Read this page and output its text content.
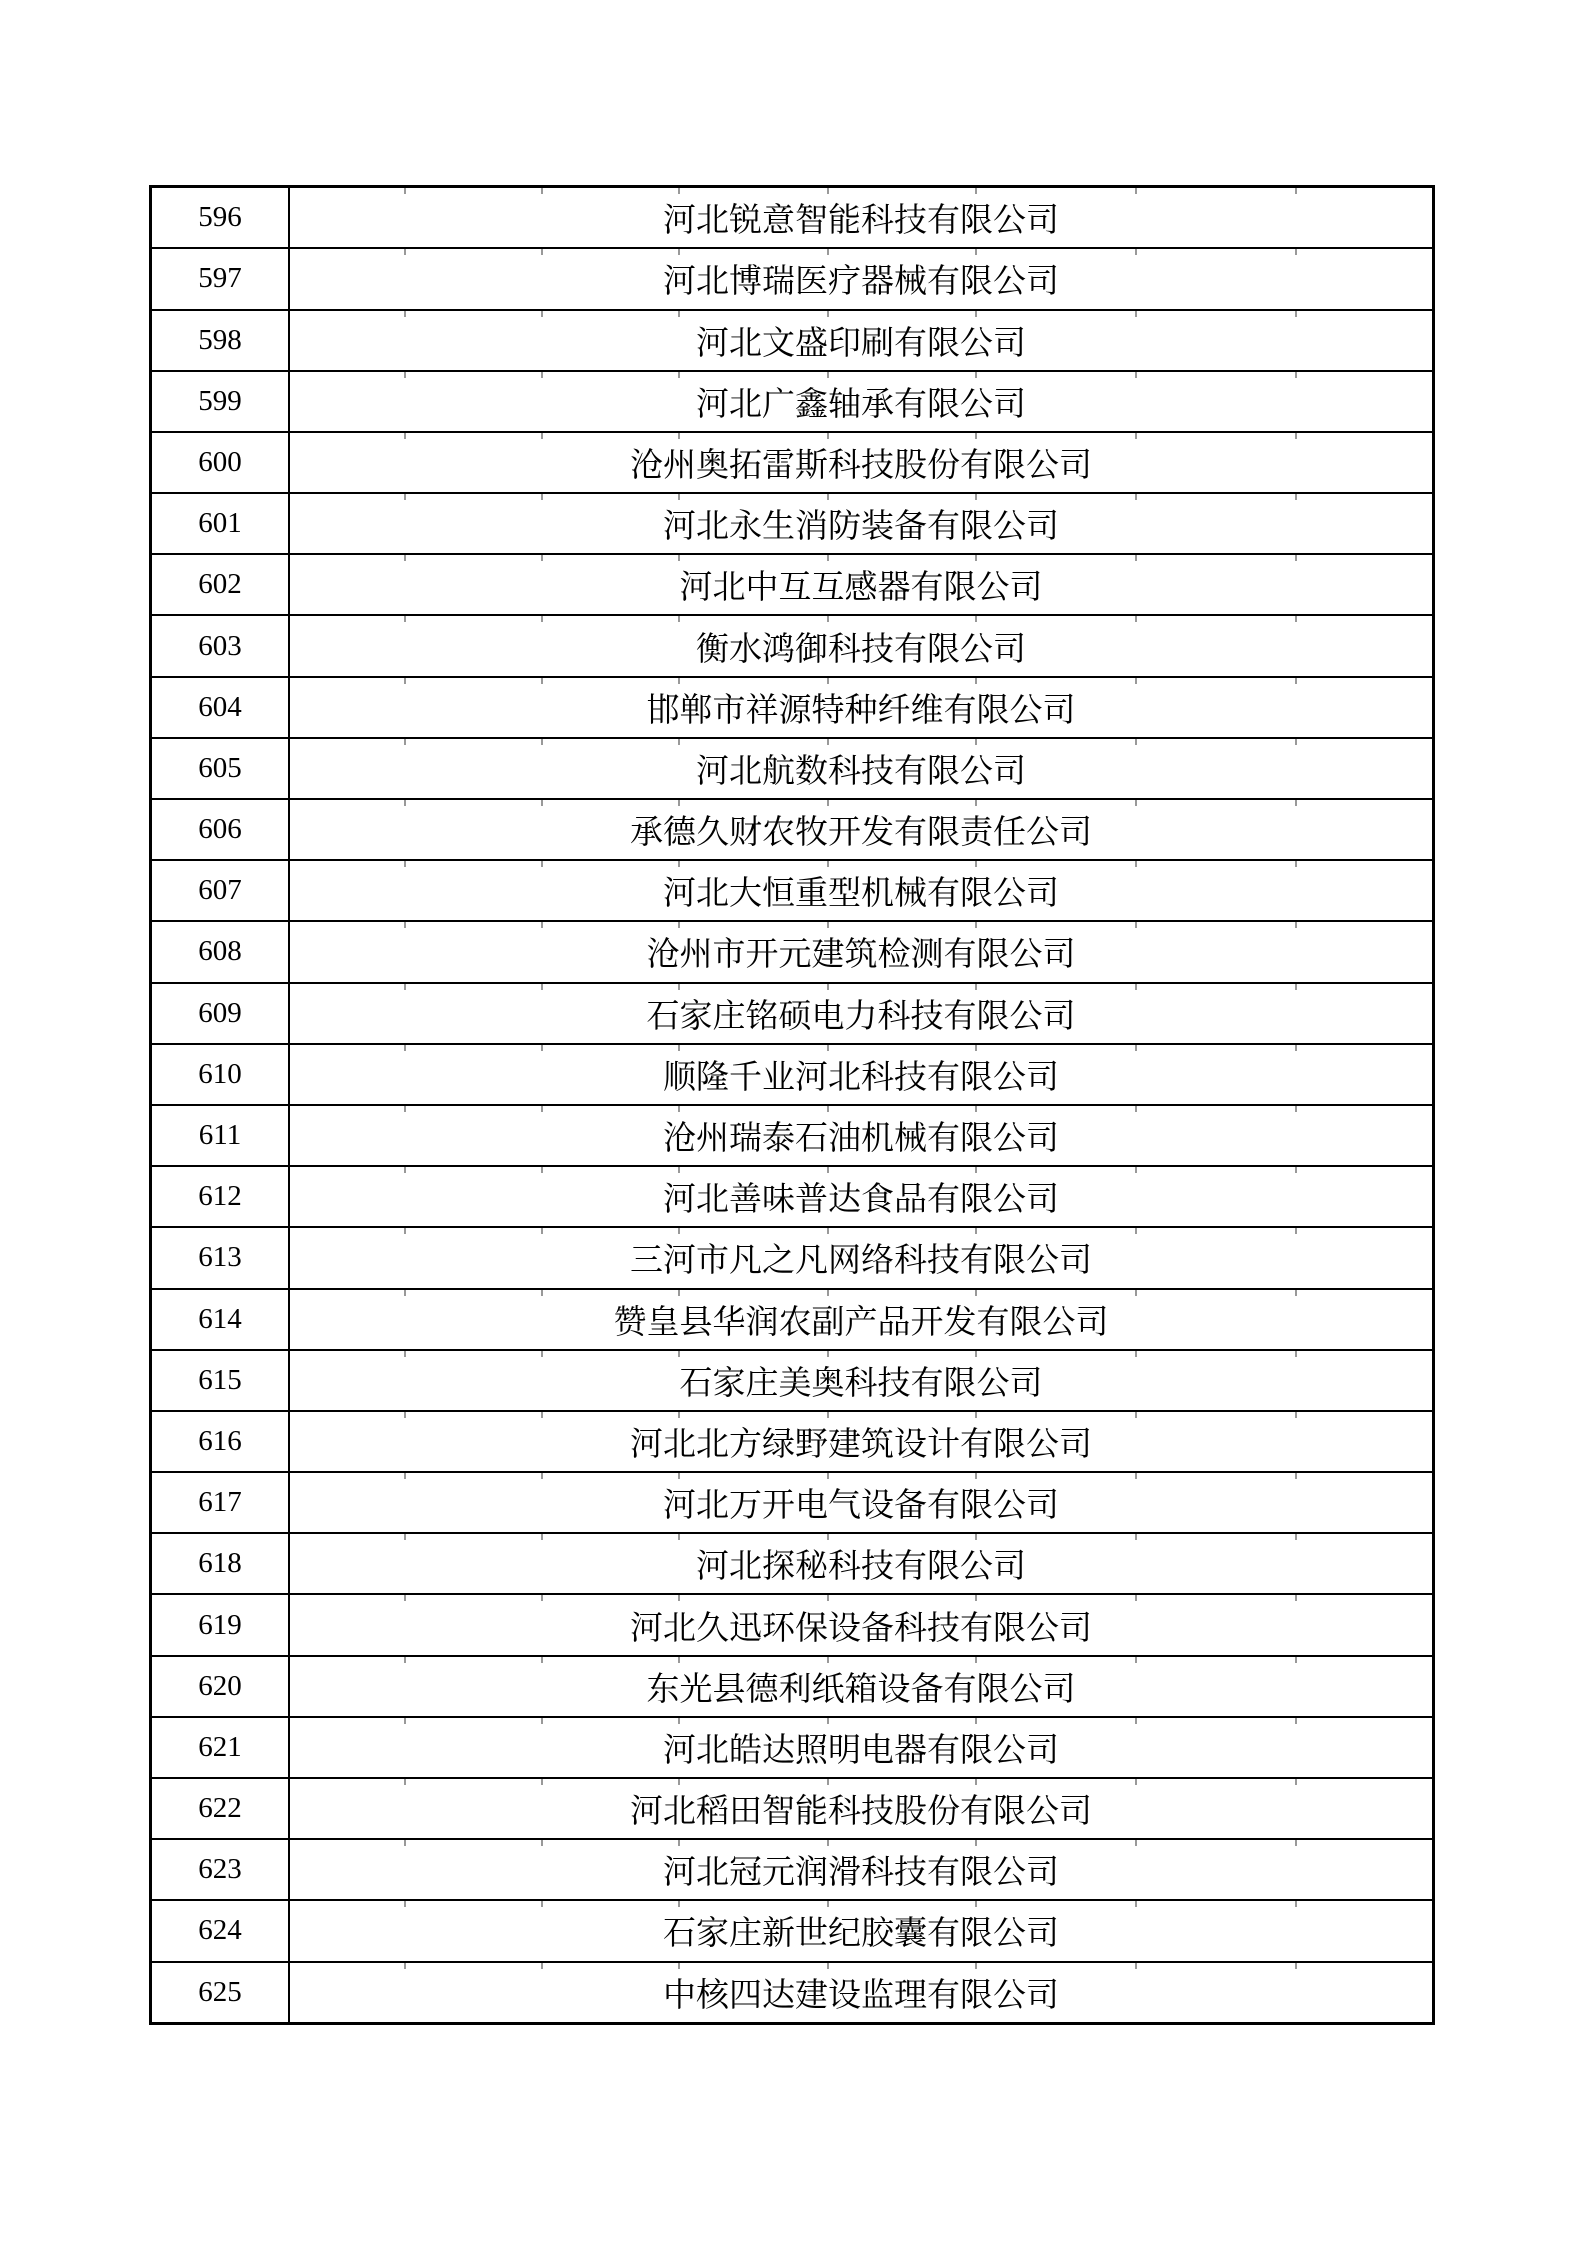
596	河北锐意智能科技有限公司

597	河北博瑞医疗器械有限公司

598	河北文盛印刷有限公司

599	河北广鑫轴承有限公司

600	沧州奥拓雷斯科技股份有限公司

601	河北永生消防装备有限公司

602	河北中互互感器有限公司

603	衡水鸿御科技有限公司

604	邯郸市祥源特种纤维有限公司

605	河北航数科技有限公司

606	承德久财农牧开发有限责任公司

607	河北大恒重型机械有限公司

608	沧州市开元建筑检测有限公司

609	石家庄铭硕电力科技有限公司

610	顺隆千业河北科技有限公司

611	沧州瑞泰石油机械有限公司

612	河北善味普达食品有限公司

613	三河市凡之凡网络科技有限公司

614	赞皇县华润农副产品开发有限公司

615	石家庄美奥科技有限公司

616	河北北方绿野建筑设计有限公司

617	河北万开电气设备有限公司

618	河北探秘科技有限公司

619	河北久迅环保设备科技有限公司

620	东光县德利纸箱设备有限公司

621	河北皓达照明电器有限公司

622	河北稻田智能科技股份有限公司

623	河北冠元润滑科技有限公司

624	石家庄新世纪胶囊有限公司

625	中核四达建设监理有限公司
